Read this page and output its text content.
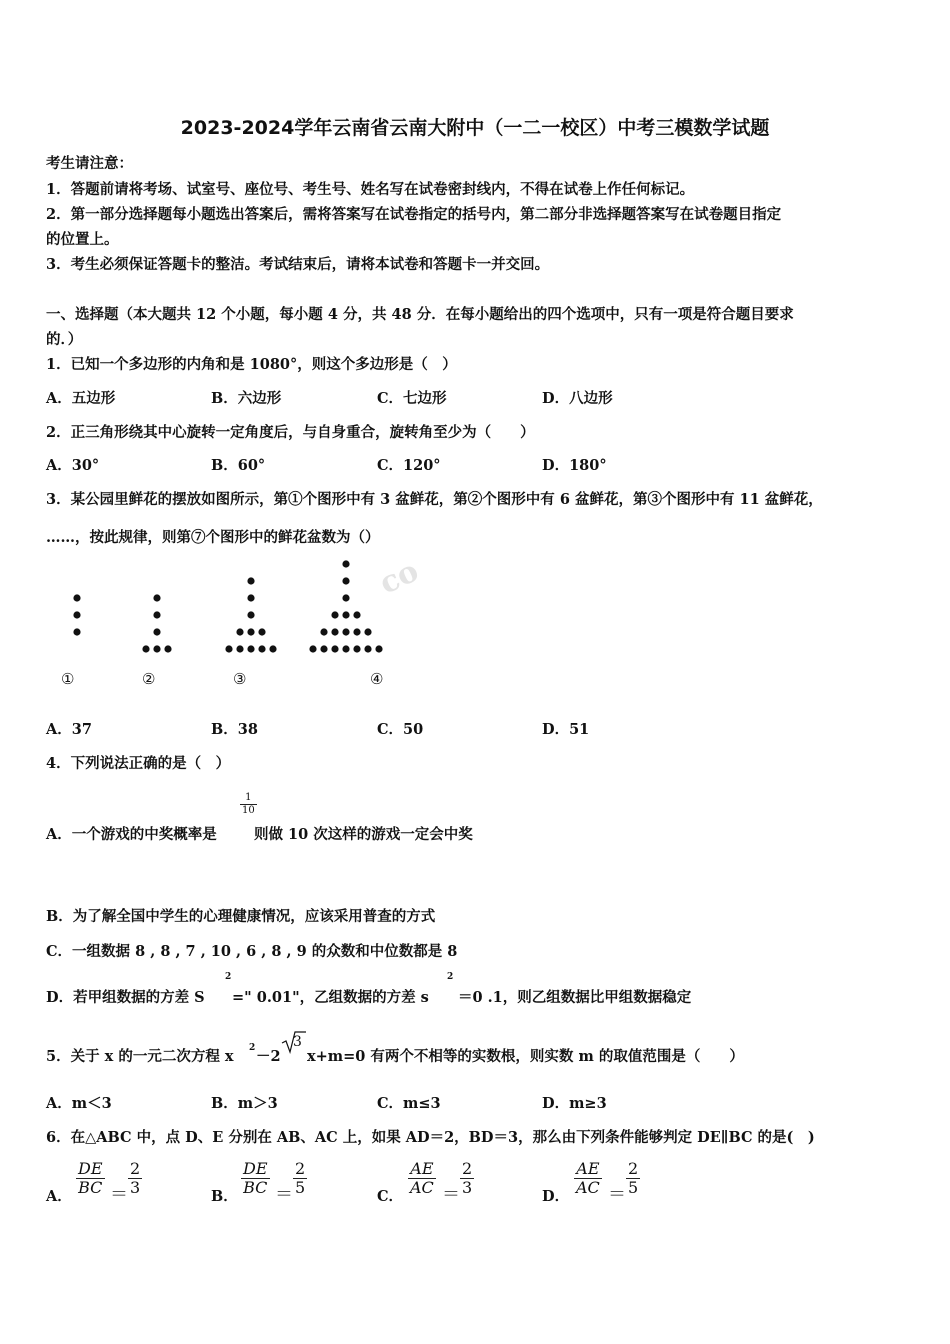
2023-2024学年云南省云南大附中（一二一校区）中考三模数学试题
考生请注意：
1．答题前请将考场、试室号、座位号、考生号、姓名写在试卷密封线内，不得在试卷上作任何标记。
2．第一部分选择题每小题选出答案后，需将答案写在试卷指定的括号内，第二部分非选择题答案写在试卷题目指定
的位置上。
3．考生必须保证答题卡的整洁。考试结束后，请将本试卷和答题卡一并交回。
一、选择题（本大题共 12 个小题，每小题 4 分，共 48 分．在每小题给出的四个选项中，只有一项是符合题目要求
的．）
1．已知一个多边形的内角和是 1080°，则这个多边形是（　）
A．五边形	B．六边形	C．七边形	D．八边形
2．正三角形绕其中心旋转一定角度后，与自身重合，旋转角至少为（　　）
A．30°	B．60°	C．120°	D．180°
3．某公园里鲜花的摆放如图所示，第①个图形中有 3 盆鲜花，第②个图形中有 6 盆鲜花，第③个图形中有 11 盆鲜花，
……，按此规律，则第⑦个图形中的鲜花盆数为（）
co
①	②	③	④
A．37	B．38	C．50	D．51
4．下列说法正确的是（　）
$\frac{1}{10}$
A．一个游戏的中奖概率是	则做 10 次这样的游戏一定会中奖
B．为了解全国中学生的心理健康情况，应该采用普查的方式
C．一组数据 8 , 8 , 7 , 10 , 6 , 8 , 9 的众数和中位数都是 8
D．若甲组数据的方差 S
2
=" 0.01"，乙组数据的方差 s
2
＝0 .1，则乙组数据比甲组数据稳定
5．关于 x 的一元二次方程 x 2 －2
3
x+m=0 有两个不相等的实数根，则实数 m 的取值范围是（　　）
A．m＜3	B．m＞3	C．m≤3	D．m≥3
6．在△ABC 中，点 D、E 分别在 AB、AC 上，如果 AD＝2，BD＝3，那么由下列条件能够判定 DE∥BC 的是(　)
A． $\frac{DE}{BC} = \frac{2}{3}$	B． $\frac{DE}{BC} = \frac{2}{5}$	C． $\frac{AE}{AC} = \frac{2}{3}$	D． $\frac{AE}{AC} = \frac{2}{5}$
